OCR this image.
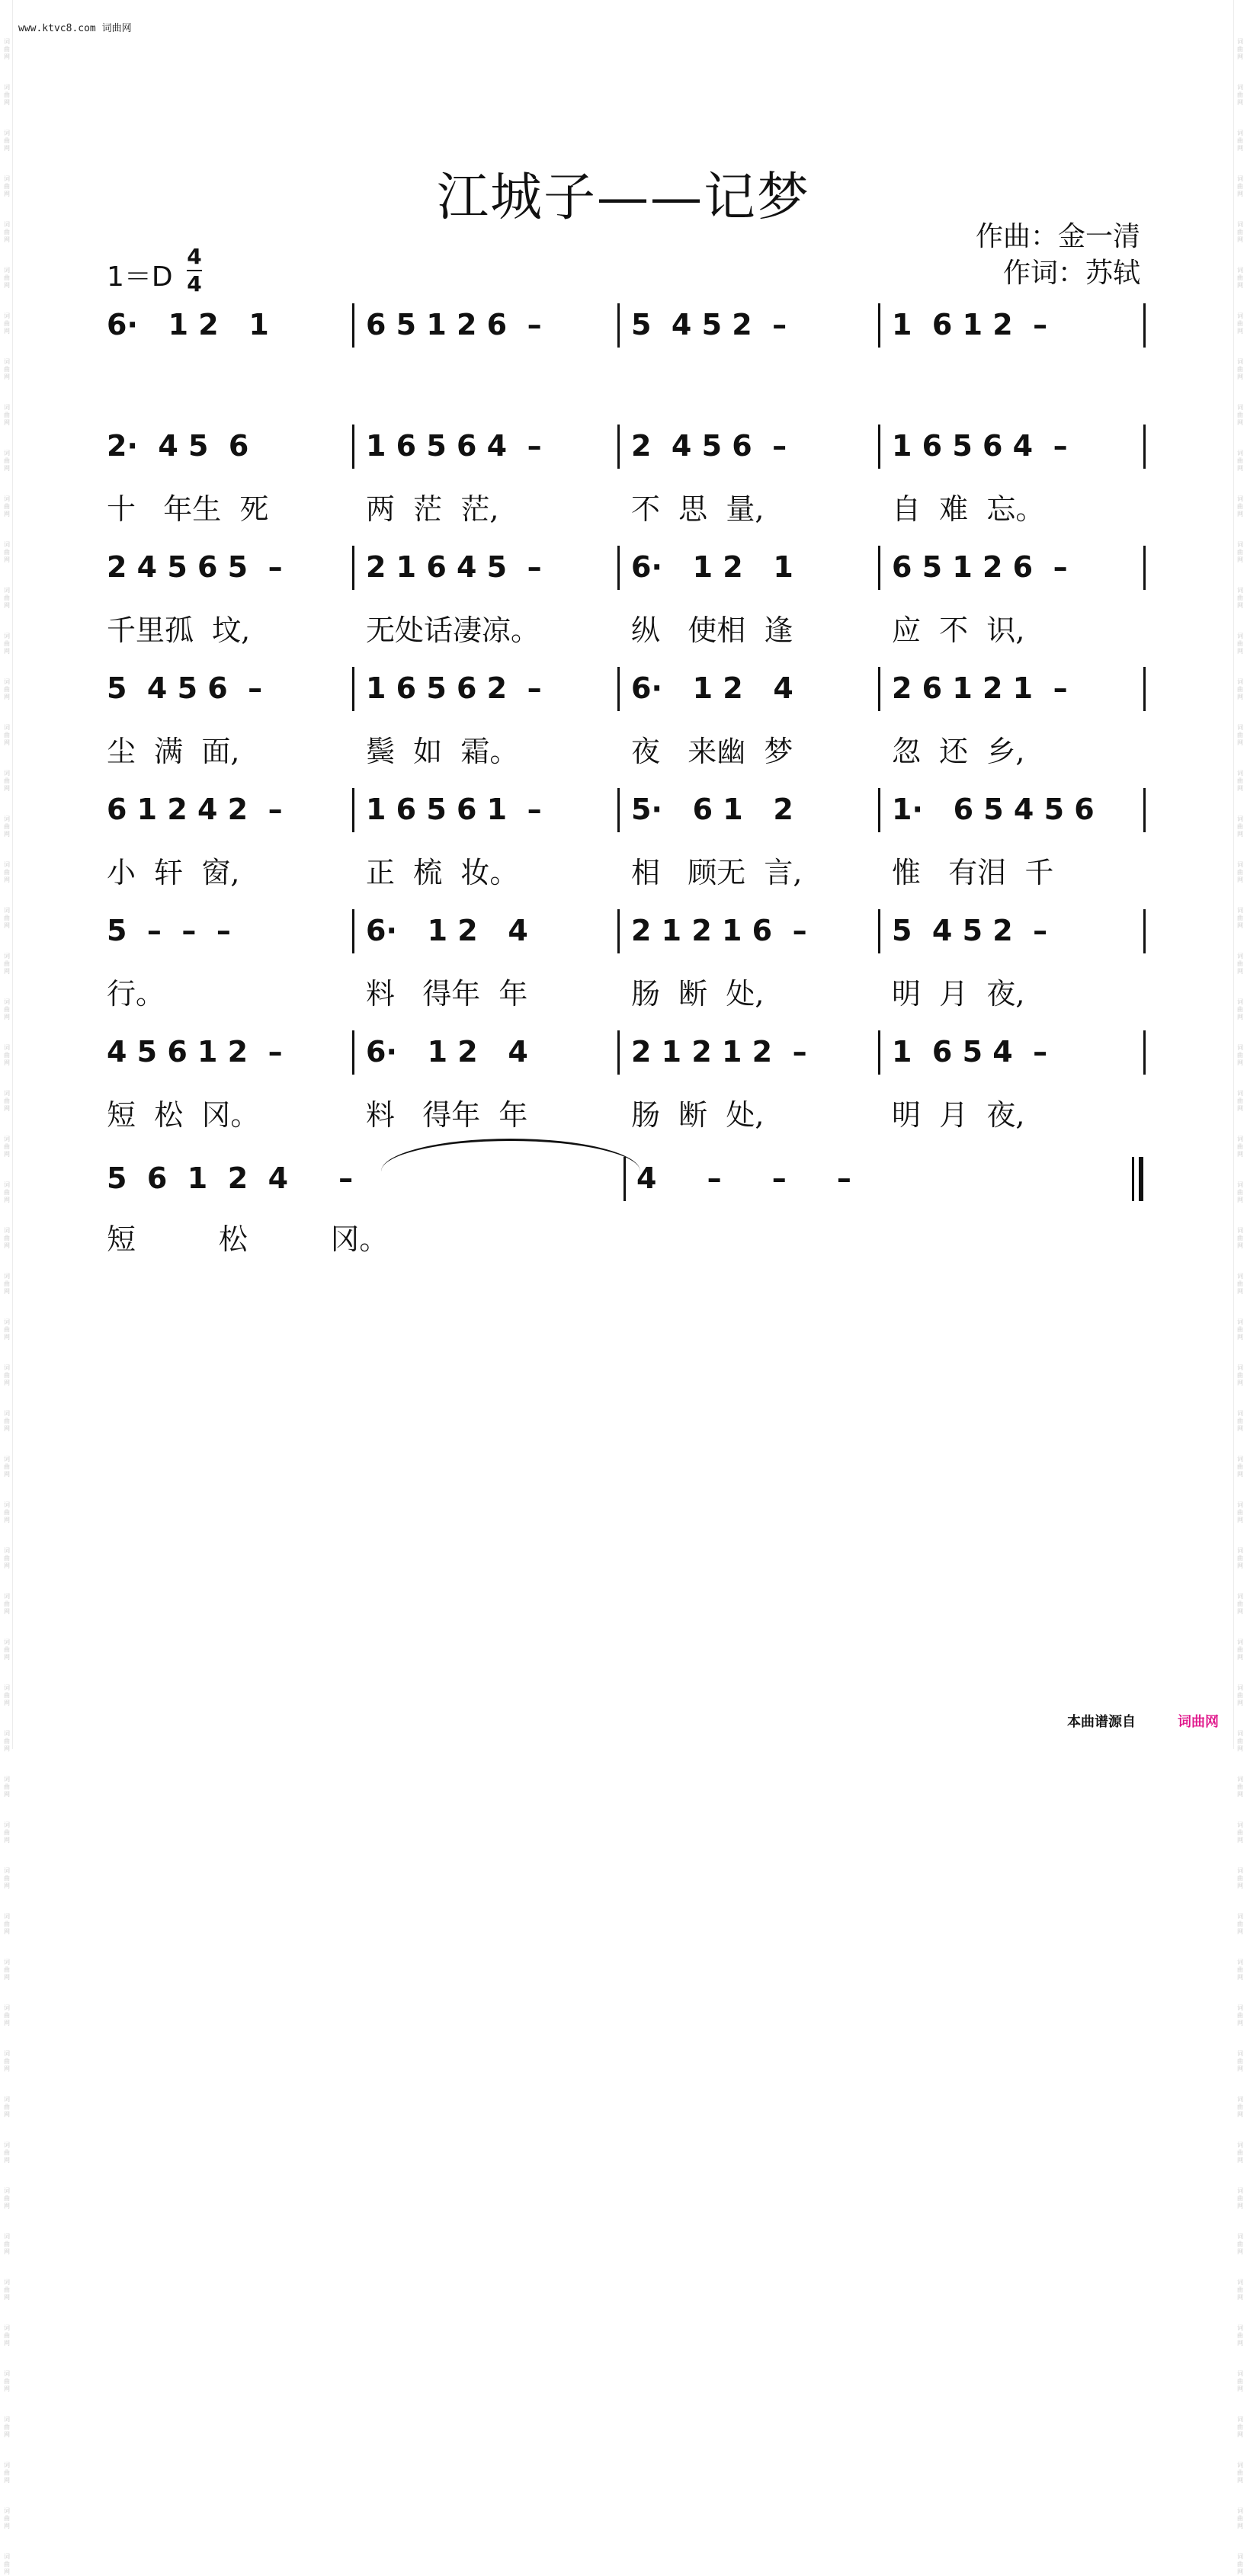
词曲网
词曲网
词曲网
词曲网
词曲网
词曲网
词曲网
词曲网
词曲网
词曲网
词曲网
词曲网
词曲网
词曲网
词曲网
词曲网
词曲网
词曲网
词曲网
词曲网
词曲网
词曲网
词曲网
词曲网
词曲网
词曲网
词曲网
词曲网
词曲网
词曲网
词曲网
词曲网
词曲网
词曲网
词曲网
词曲网
词曲网
词曲网
词曲网
词曲网
词曲网
词曲网
词曲网
词曲网
词曲网
词曲网
词曲网
词曲网
词曲网
词曲网
词曲网
词曲网
词曲网
词曲网
词曲网
词曲网
词曲网
词曲网
词曲网
词曲网
词曲网
词曲网
词曲网
词曲网
词曲网
词曲网
词曲网
词曲网
词曲网
词曲网
词曲网
词曲网
词曲网
词曲网
词曲网
词曲网
词曲网
词曲网
词曲网
词曲网
词曲网
词曲网
词曲网
词曲网
词曲网
词曲网
词曲网
词曲网
词曲网
词曲网
词曲网
词曲网
词曲网
词曲网
词曲网
词曲网
词曲网
词曲网
词曲网
词曲网
词曲网
词曲网
词曲网
词曲网
词曲网
词曲网
词曲网
词曲网
词曲网
词曲网
词曲网
词曲网
www.ktvc8.com 词曲网
江城子——记梦
作曲：金一清
作词：苏轼
1＝D
4
4
6·   1 2   1	6 5 1 2 6  –	5  4 5 2  –	1  6 1 2  –
2·  4 5  6	1 6 5 6 4  –	2  4 5 6  –	1 6 5 6 4  –
十   年生  死	两  茫  茫,	不  思  量,	自  难  忘。
2 4 5 6 5  –	2 1 6 4 5  –	6·   1 2   1	6 5 1 2 6  –
千里孤  坟,	无处话凄凉。	纵   使相  逢	应  不  识,
5  4 5 6  –	1 6 5 6 2  –	6·   1 2   4	2 6 1 2 1  –
尘  满  面,	鬓  如  霜。	夜   来幽  梦	忽  还  乡,
6 1 2 4 2  –	1 6 5 6 1  –	5·   6 1   2	1·   6 5 4 5 6
小  轩  窗,	正  梳  妆。	相   顾无  言,	惟   有泪  千
5  –  –  –	6·   1 2   4	2 1 2 1 6  –	5  4 5 2  –
行。	料   得年  年	肠  断  处,	明  月  夜,
4 5 6 1 2  –	6·   1 2   4	2 1 2 1 2  –	1  6 5 4  –
短  松  冈。	料   得年  年	肠  断  处,	明  月  夜,
5  6  1  2  4     –	4     –     –     –
短         松         冈。
本曲谱源自	词曲网
